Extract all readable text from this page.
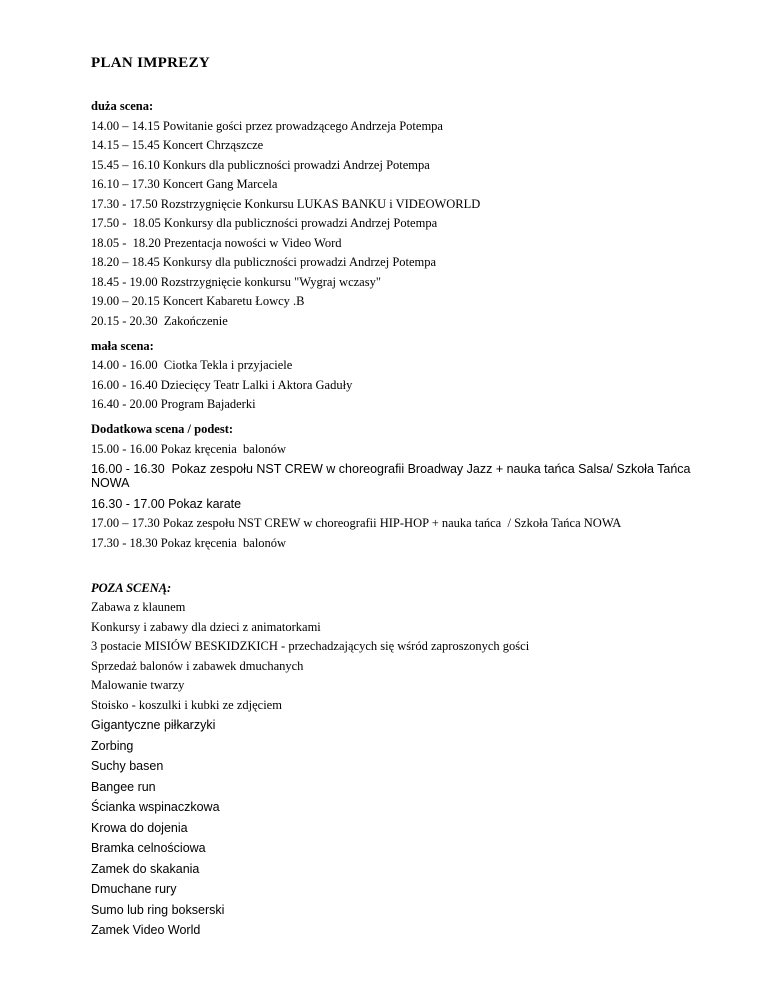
PLAN IMPREZY

duża scena:

14.00 – 14.15 Powitanie gości przez prowadzącego Andrzeja Potempa

14.15 – 15.45 Koncert Chrząszcze

15.45 – 16.10 Konkurs dla publiczności prowadzi Andrzej Potempa

16.10 – 17.30 Koncert Gang Marcela

17.30 - 17.50 Rozstrzygnięcie Konkursu LUKAS BANKU i VIDEOWORLD

17.50 -  18.05 Konkursy dla publiczności prowadzi Andrzej Potempa

18.05 -  18.20 Prezentacja nowości w Video Word

18.20 – 18.45 Konkursy dla publiczności prowadzi Andrzej Potempa

18.45 - 19.00 Rozstrzygnięcie konkursu "Wygraj wczasy"

19.00 – 20.15 Koncert Kabaretu Łowcy .B

20.15 - 20.30  Zakończenie

mała scena:

14.00 - 16.00  Ciotka Tekla i przyjaciele

16.00 - 16.40 Dziecięcy Teatr Lalki i Aktora Gaduły

16.40 - 20.00 Program Bajaderki

Dodatkowa scena / podest:

15.00 - 16.00 Pokaz kręcenia  balonów

16.00 - 16.30  Pokaz zespołu NST CREW w choreografii Broadway Jazz + nauka tańca Salsa/ Szkoła Tańca NOWA

16.30 - 17.00 Pokaz karate

17.00 – 17.30 Pokaz zespołu NST CREW w choreografii HIP-HOP + nauka tańca  / Szkoła Tańca NOWA

17.30 - 18.30 Pokaz kręcenia  balonów

POZA SCENĄ:

Zabawa z klaunem

Konkursy i zabawy dla dzieci z animatorkami

3 postacie MISIÓW BESKIDZKICH - przechadzających się wśród zaproszonych gości

Sprzedaż balonów i zabawek dmuchanych

Malowanie twarzy

Stoisko - koszulki i kubki ze zdjęciem

Gigantyczne piłkarzyki

Zorbing

Suchy basen

Bangee run

Ścianka wspinaczkowa

Krowa do dojenia

Bramka celnościowa

Zamek do skakania

Dmuchane rury

Sumo lub ring bokserski

Zamek Video World
